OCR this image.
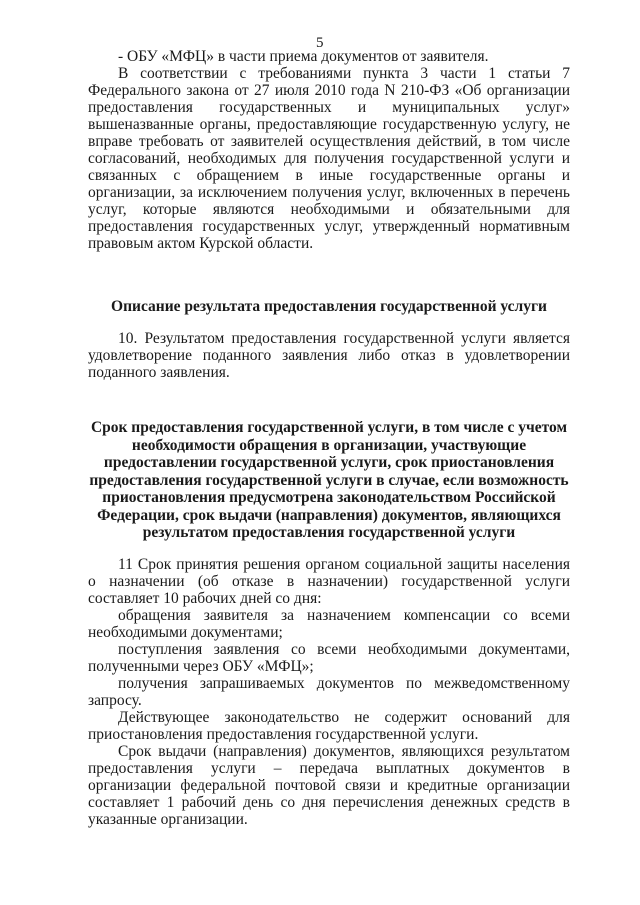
5

- ОБУ «МФЦ» в части приема документов от заявителя.

В соответствии с требованиями пункта 3 части 1 статьи 7 Федерального закона от 27 июля 2010 года N 210-ФЗ «Об организации предоставления государственных и муниципальных услуг» вышеназванные органы, предоставляющие государственную услугу, не вправе требовать от заявителей осуществления действий, в том числе согласований, необходимых для получения государственной услуги и связанных с обращением в иные государственные органы и организации, за исключением получения услуг, включенных в перечень услуг, которые являются необходимыми и обязательными для предоставления государственных услуг, утвержденный нормативным правовым актом Курской области.

Описание результата предоставления государственной услуги

10. Результатом предоставления государственной услуги является удовлетворение поданного заявления либо отказ в удовлетворении поданного заявления.

Срок предоставления государственной услуги, в том числе с учетом необходимости обращения в организации, участвующие предоставлении государственной услуги, срок приостановления предоставления государственной услуги в случае, если возможность приостановления предусмотрена законодательством Российской Федерации, срок выдачи (направления) документов, являющихся результатом предоставления государственной услуги

11 Срок принятия решения органом социальной защиты населения о назначении (об отказе в назначении) государственной услуги составляет 10 рабочих дней со дня:

обращения заявителя за назначением компенсации со всеми необходимыми документами;

поступления заявления со всеми необходимыми документами, полученными через ОБУ «МФЦ»;

получения запрашиваемых документов по межведомственному запросу.

Действующее законодательство не содержит оснований для приостановления предоставления государственной услуги.

Срок выдачи (направления) документов, являющихся результатом предоставления услуги – передача выплатных документов в организации федеральной почтовой связи и кредитные организации составляет 1 рабочий день со дня перечисления денежных средств в указанные организации.
